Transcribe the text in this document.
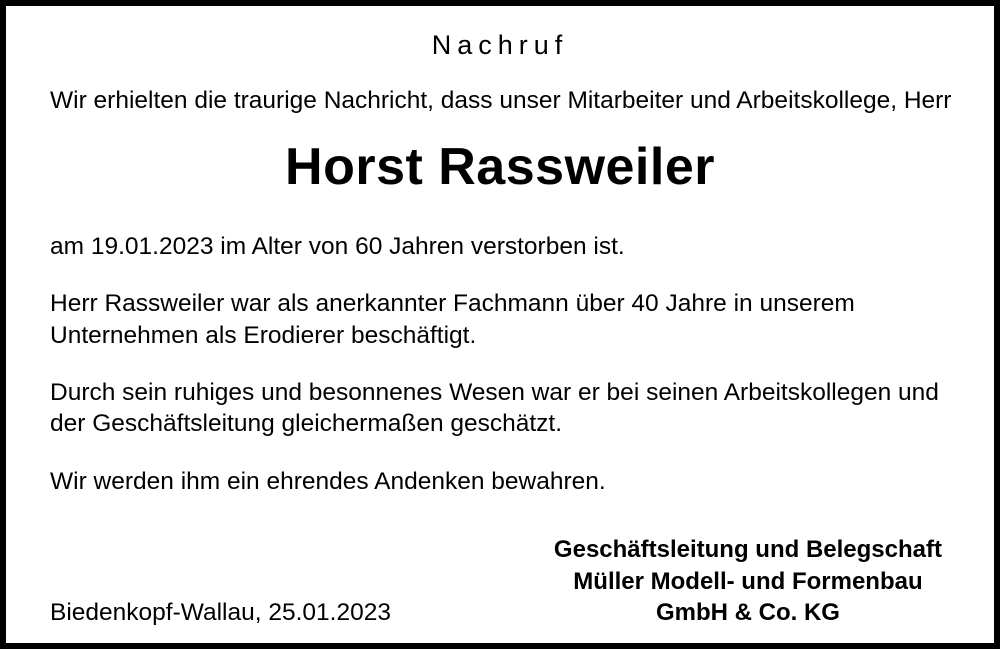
Nachruf
Wir erhielten die traurige Nachricht, dass unser Mitarbeiter und Arbeitskollege, Herr
Horst Rassweiler
am 19.01.2023 im Alter von 60 Jahren verstorben ist.
Herr Rassweiler war als anerkannter Fachmann über 40 Jahre in unserem Unternehmen als Erodierer beschäftigt.
Durch sein ruhiges und besonnenes Wesen war er bei seinen Arbeitskollegen und der Geschäftsleitung gleichermaßen geschätzt.
Wir werden ihm ein ehrendes Andenken bewahren.
Biedenkopf-Wallau, 25.01.2023
Geschäftsleitung und Belegschaft
Müller Modell- und Formenbau
GmbH & Co. KG
